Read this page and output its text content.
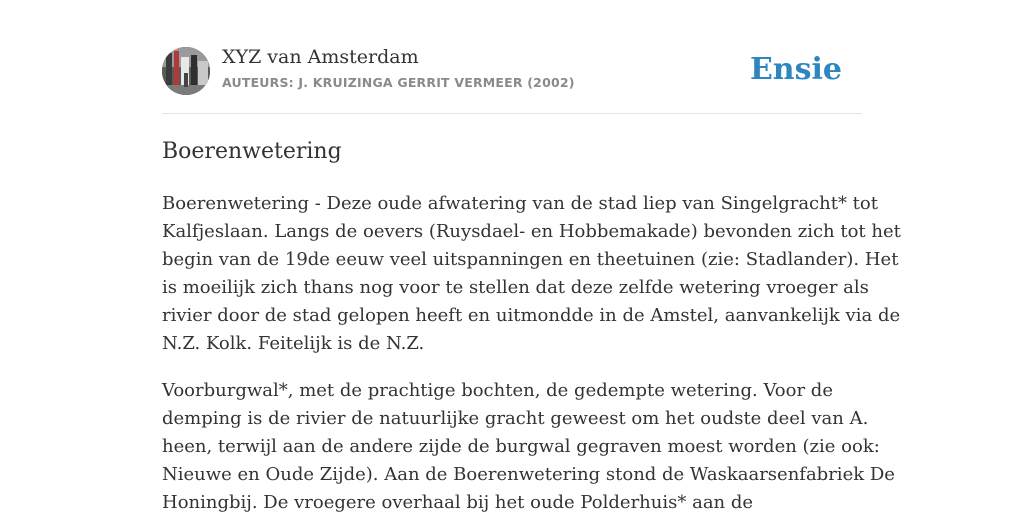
XYZ van Amsterdam
AUTEURS: J. KRUIZINGA GERRIT VERMEER (2002)	Ensie
Boerenwetering

Boerenwetering - Deze oude afwatering van de stad liep van Singelgracht* tot
Kalfjeslaan. Langs de oevers (Ruysdael- en Hobbemakade) bevonden zich tot het
begin van de 19de eeuw veel uitspanningen en theetuinen (zie: Stadlander). Het
is moeilijk zich thans nog voor te stellen dat deze zelfde wetering vroeger als
rivier door de stad gelopen heeft en uitmondde in de Amstel, aanvankelijk via de
N.Z. Kolk. Feitelijk is de N.Z.

Voorburgwal*, met de prachtige bochten, de gedempte wetering. Voor de
demping is de rivier de natuurlijke gracht geweest om het oudste deel van A.
heen, terwijl aan de andere zijde de burgwal gegraven moest worden (zie ook:
Nieuwe en Oude Zijde). Aan de Boerenwetering stond de Waskaarsenfabriek De
Honingbij. De vroegere overhaal bij het oude Polderhuis* aan de
